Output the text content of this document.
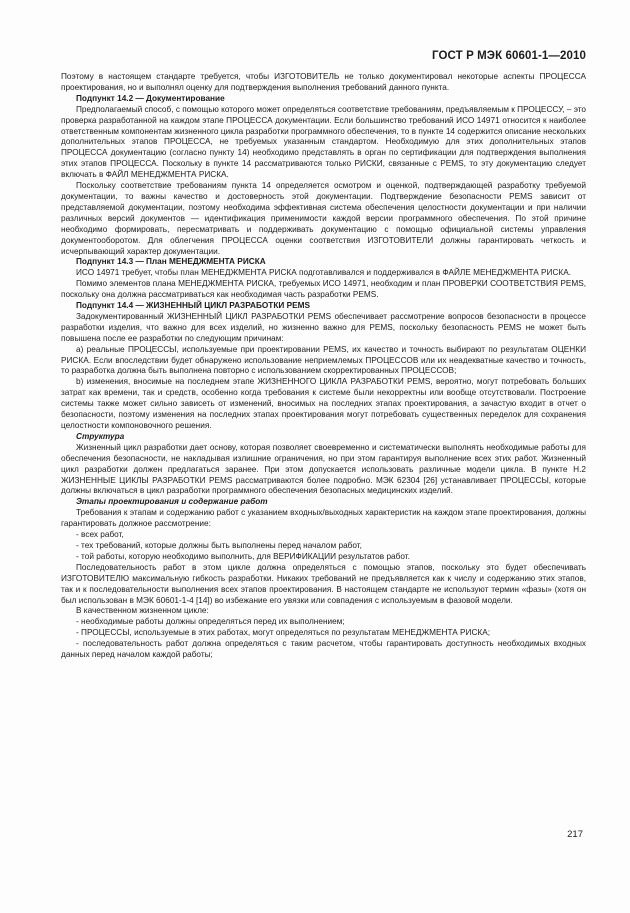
ГОСТ Р МЭК 60601-1—2010

Поэтому в настоящем стандарте требуется, чтобы ИЗГОТОВИТЕЛЬ не только документировал некоторые аспекты ПРОЦЕССА проектирования, но и выполнял оценку для подтверждения выполнения требований данного пункта.

Подпункт 14.2 — Документирование

Предполагаемый способ, с помощью которого может определяться соответствие требованиям, предъявляемым к ПРОЦЕССУ, – это проверка разработанной на каждом этапе ПРОЦЕССА документации. Если большинство требований ИСО 14971 относится к наиболее ответственным компонентам жизненного цикла разработки программного обеспечения, то в пункте 14 содержится описание нескольких дополнительных этапов ПРОЦЕССА, не требуемых указанным стандартом. Необходимую для этих дополнительных этапов ПРОЦЕССА документацию (согласно пункту 14) необходимо представлять в орган по сертификации для подтверждения выполнения этих этапов ПРОЦЕССА. Поскольку в пункте 14 рассматриваются только РИСКИ, связанные с PEMS, то эту документацию следует включать в ФАЙЛ МЕНЕДЖМЕНТА РИСКА.

Поскольку соответствие требованиям пункта 14 определяется осмотром и оценкой, подтверждающей разработку требуемой документации, то важны качество и достоверность этой документации. Подтверждение безопасности PEMS зависит от представляемой документации, поэтому необходима эффективная система обеспечения целостности документации и при наличии различных версий документов — идентификация применимости каждой версии программного обеспечения. По этой причине необходимо формировать, пересматривать и поддерживать документацию с помощью официальной системы управления документооборотом. Для облегчения ПРОЦЕССА оценки соответствия ИЗГОТОВИТЕЛИ должны гарантировать четкость и исчерпывающий характер документации.

Подпункт 14.3 — План МЕНЕДЖМЕНТА РИСКА

ИСО 14971 требует, чтобы план МЕНЕДЖМЕНТА РИСКА подготавливался и поддерживался в ФАЙЛЕ МЕНЕДЖМЕНТА РИСКА.

Помимо элементов плана МЕНЕДЖМЕНТА РИСКА, требуемых ИСО 14971, необходим и план ПРОВЕРКИ СООТВЕТСТВИЯ PEMS, поскольку она должна рассматриваться как необходимая часть разработки PEMS.

Подпункт 14.4 — ЖИЗНЕННЫЙ ЦИКЛ РАЗРАБОТКИ PEMS

Задокументированный ЖИЗНЕННЫЙ ЦИКЛ РАЗРАБОТКИ PEMS обеспечивает рассмотрение вопросов безопасности в процессе разработки изделия, что важно для всех изделий, но жизненно важно для PEMS, поскольку безопасность PEMS не может быть повышена после ее разработки по следующим причинам:

a) реальные ПРОЦЕССЫ, используемые при проектировании PEMS, их качество и точность выбирают по результатам ОЦЕНКИ РИСКА. Если впоследствии будет обнаружено использование неприемлемых ПРОЦЕССОВ или их неадекватные качество и точность, то разработка должна быть выполнена повторно с использованием скорректированных ПРОЦЕССОВ;

b) изменения, вносимые на последнем этапе ЖИЗНЕННОГО ЦИКЛА РАЗРАБОТКИ PEMS, вероятно, могут потребовать больших затрат как времени, так и средств, особенно когда требования к системе были некорректны или вообще отсутствовали. Построение системы также может сильно зависеть от изменений, вносимых на последних этапах проектирования, а зачастую входит в отчет о безопасности, поэтому изменения на последних этапах проектирования могут потребовать существенных переделок для сохранения целостности компоновочного решения.

Структура

Жизненный цикл разработки дает основу, которая позволяет своевременно и систематически выполнять необходимые работы для обеспечения безопасности, не накладывая излишние ограничения, но при этом гарантируя выполнение всех этих работ. Жизненный цикл разработки должен предлагаться заранее. При этом допускается использовать различные модели цикла. В пункте H.2 ЖИЗНЕННЫЕ ЦИКЛЫ РАЗРАБОТКИ PEMS рассматриваются более подробно. МЭК 62304 [26] устанавливает ПРОЦЕССЫ, которые должны включаться в цикл разработки программного обеспечения безопасных медицинских изделий.

Этапы проектирования и содержание работ

Требования к этапам и содержанию работ с указанием входных/выходных характеристик на каждом этапе проектирования, должны гарантировать должное рассмотрение:

- всех работ,

- тех требований, которые должны быть выполнены перед началом работ,

- той работы, которую необходимо выполнить, для ВЕРИФИКАЦИИ результатов работ.

Последовательность работ в этом цикле должна определяться с помощью этапов, поскольку это будет обеспечивать ИЗГОТОВИТЕЛЮ максимальную гибкость разработки. Никаких требований не предъявляется как к числу и содержанию этих этапов, так и к последовательности выполнения всех этапов проектирования. В настоящем стандарте не используют термин «фазы» (хотя он был использован в МЭК 60601-1-4 [14]) во избежание его увязки или совпадения с используемым в фазовой модели.

В качественном жизненном цикле:

- необходимые работы должны определяться перед их выполнением;

- ПРОЦЕССЫ, используемые в этих работах, могут определяться по результатам МЕНЕДЖМЕНТА РИСКА;

- последовательность работ должна определяться с таким расчетом, чтобы гарантировать доступность необходимых входных данных перед началом каждой работы;

217
